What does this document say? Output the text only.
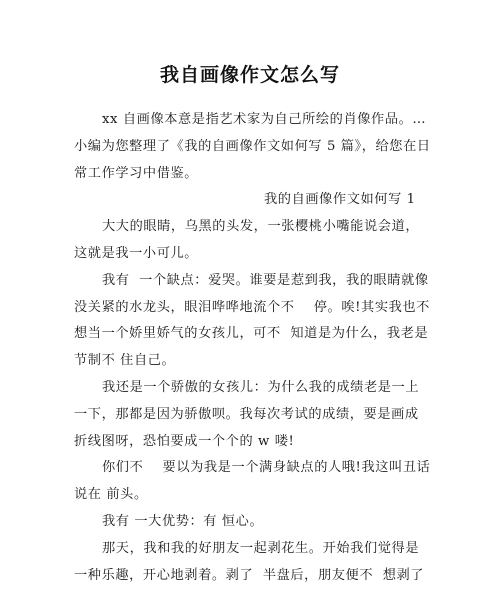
我自画像作文怎么写
xx 自画像本意是指艺术家为自己所绘的肖像作品。…
小编为您整理了《我的自画像作文如何写 5 篇》，给您在日
常工作学习中借鉴。
我的自画像作文如何写 1
大大的眼睛，乌黑的头发，一张樱桃小嘴能说会道，
这就是我一小可儿。
我有  一个缺点：爱哭。谁要是惹到我，我的眼睛就像
没关紧的水龙头，眼泪哗哗地流个不    停。唉!其实我也不
想当一个娇里娇气的女孩儿，可不  知道是为什么，我老是
节制不 住自己。
我还是一个骄傲的女孩儿：为什么我的成绩老是一上
一下，那都是因为骄傲呗。我每次考试的成绩，要是画成
折线图呀，恐怕要成一个个的 w 喽!
你们不    要以为我是一个满身缺点的人哦!我这叫丑话
说在 前头。
我有 一大优势：有 恒心。
那天，我和我的好朋友一起剥花生。开始我们觉得是
一种乐趣，开心地剥着。剥了  半盘后，朋友便不  想剥了
